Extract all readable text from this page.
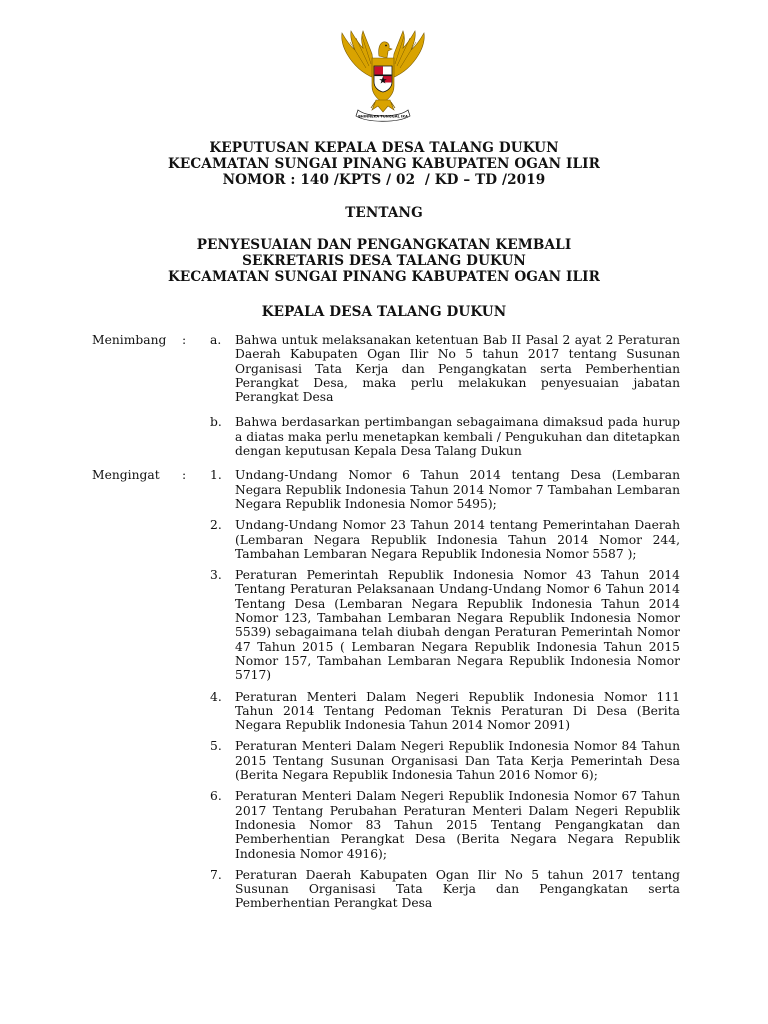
BHINNEKA TUNGGAL IKA
KEPUTUSAN KEPALA DESA TALANG DUKUN
KECAMATAN SUNGAI PINANG KABUPATEN OGAN ILIR
NOMOR : 140 /KPTS / 02  / KD – TD /2019
TENTANG
PENYESUAIAN DAN PENGANGKATAN KEMBALI
SEKRETARIS DESA TALANG DUKUN
KECAMATAN SUNGAI PINANG KABUPATEN OGAN ILIR
KEPALA DESA TALANG DUKUN
Menimbang	:	a.	Bahwa untuk melaksanakan ketentuan Bab II Pasal 2 ayat 2 Peraturan Daerah Kabupaten Ogan Ilir No 5 tahun 2017 tentang Susunan Organisasi Tata Kerja dan Pengangkatan serta Pemberhentian Perangkat Desa, maka perlu melakukan penyesuaian jabatan Perangkat Desa
b.	Bahwa berdasarkan pertimbangan sebagaimana dimaksud pada hurup a diatas maka perlu menetapkan kembali / Pengukuhan dan ditetapkan dengan keputusan Kepala Desa Talang Dukun
Mengingat	:	1.	Undang-Undang Nomor 6 Tahun 2014 tentang Desa (Lembaran Negara Republik Indonesia Tahun 2014 Nomor 7 Tambahan Lembaran Negara Republik Indonesia Nomor 5495);
2.	Undang-Undang Nomor 23 Tahun 2014 tentang Pemerintahan Daerah (Lembaran Negara Republik Indonesia Tahun 2014 Nomor 244, Tambahan Lembaran Negara Republik Indonesia Nomor 5587 );
3.	Peraturan Pemerintah Republik Indonesia Nomor 43 Tahun 2014 Tentang Peraturan Pelaksanaan Undang-Undang Nomor 6 Tahun 2014 Tentang Desa (Lembaran Negara Republik Indonesia Tahun 2014 Nomor 123, Tambahan Lembaran Negara Republik Indonesia Nomor 5539) sebagaimana telah diubah dengan Peraturan Pemerintah Nomor 47 Tahun 2015 ( Lembaran Negara Republik Indonesia Tahun 2015 Nomor 157, Tambahan Lembaran Negara Republik Indonesia Nomor 5717)
4.	Peraturan Menteri Dalam Negeri Republik Indonesia Nomor 111 Tahun 2014 Tentang Pedoman Teknis Peraturan Di Desa (Berita Negara Republik Indonesia Tahun 2014 Nomor 2091)
5.	Peraturan Menteri Dalam Negeri Republik Indonesia Nomor 84 Tahun 2015 Tentang Susunan Organisasi Dan Tata Kerja Pemerintah Desa (Berita Negara Republik Indonesia Tahun 2016 Nomor 6);
6.	Peraturan Menteri Dalam Negeri Republik Indonesia Nomor 67 Tahun 2017 Tentang Perubahan Peraturan Menteri Dalam Negeri Republik Indonesia Nomor 83 Tahun 2015 Tentang Pengangkatan dan Pemberhentian Perangkat Desa (Berita Negara Negara Republik Indonesia Nomor 4916);
7.	Peraturan Daerah Kabupaten Ogan Ilir No 5 tahun 2017 tentang Susunan Organisasi Tata Kerja dan Pengangkatan serta Pemberhentian Perangkat Desa
